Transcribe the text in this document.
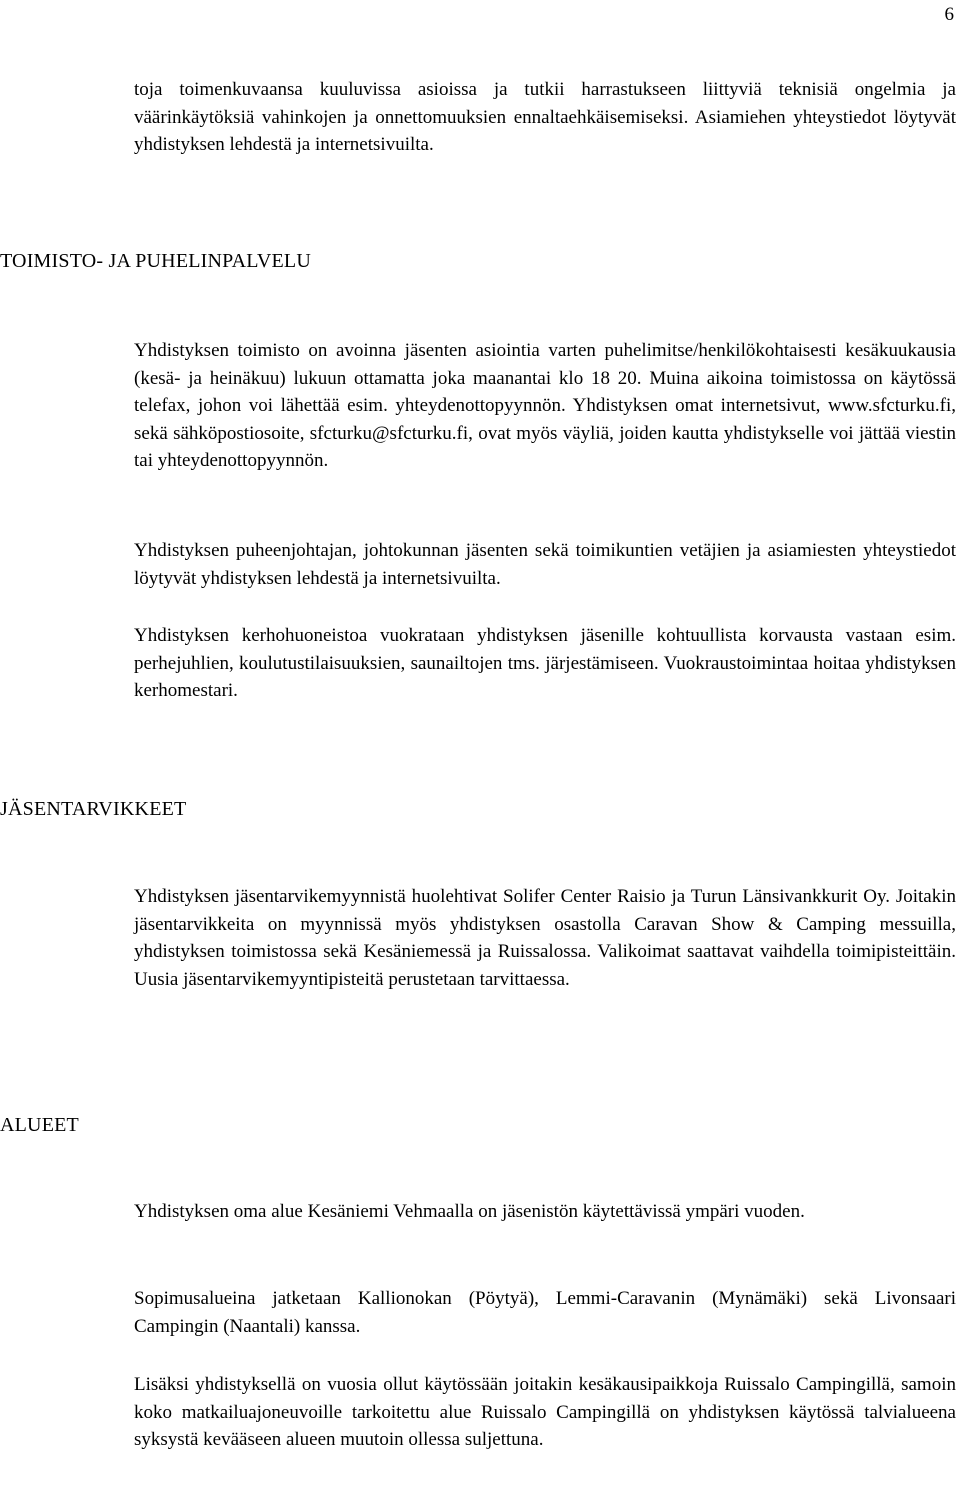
6

toja toimenkuvaansa kuuluvissa asioissa ja tutkii harrastukseen liittyviä teknisiä ongelmia ja väärinkäytöksiä vahinkojen ja onnettomuuksien ennaltaehkäisemiseksi. Asiamiehen yhteystiedot löytyvät yhdistyksen lehdestä ja internetsivuilta.

TOIMISTO- JA PUHELINPALVELU

Yhdistyksen toimisto on avoinna jäsenten asiointia varten puhelimitse/henkilökohtaisesti kesäkuukausia (kesä- ja heinäkuu) lukuun ottamatta joka maanantai klo 18 20. Muina aikoina toimistossa on käytössä telefax, johon voi lähettää esim. yhteydenottopyynnön. Yhdistyksen omat internetsivut, www.sfcturku.fi, sekä sähköpostiosoite, sfcturku@sfcturku.fi, ovat myös väyliä, joiden kautta yhdistykselle voi jättää viestin tai yhteydenottopyynnön.

Yhdistyksen puheenjohtajan, johtokunnan jäsenten sekä toimikuntien vetäjien ja asiamiesten yhteystiedot löytyvät yhdistyksen lehdestä ja internetsivuilta.

Yhdistyksen kerhohuoneistoa vuokrataan yhdistyksen jäsenille kohtuullista korvausta vastaan esim. perhejuhlien, koulutustilaisuuksien, saunailtojen tms. järjestämiseen. Vuokraustoimintaa hoitaa yhdistyksen kerhomestari.

JÄSENTARVIKKEET

Yhdistyksen jäsentarvikemyynnistä huolehtivat Solifer Center Raisio ja Turun Länsivankkurit Oy. Joitakin jäsentarvikkeita on myynnissä myös yhdistyksen osastolla Caravan Show & Camping messuilla, yhdistyksen toimistossa sekä Kesäniemessä ja Ruissalossa. Valikoimat saattavat vaihdella toimipisteittäin. Uusia jäsentarvikemyyntipisteitä perustetaan tarvittaessa.

ALUEET

Yhdistyksen oma alue Kesäniemi Vehmaalla on jäsenistön käytettävissä ympäri vuoden.

Sopimusalueina jatketaan Kallionokan (Pöytyä), Lemmi-Caravanin (Mynämäki) sekä Livonsaari Campingin (Naantali) kanssa.

Lisäksi yhdistyksellä on vuosia ollut käytössään joitakin kesäkausipaikkoja Ruissalo Campingillä, samoin koko matkailuajoneuvoille tarkoitettu alue Ruissalo Campingillä on yhdistyksen käytössä talvialueena syksystä kevääseen alueen muutoin ollessa suljettuna.
